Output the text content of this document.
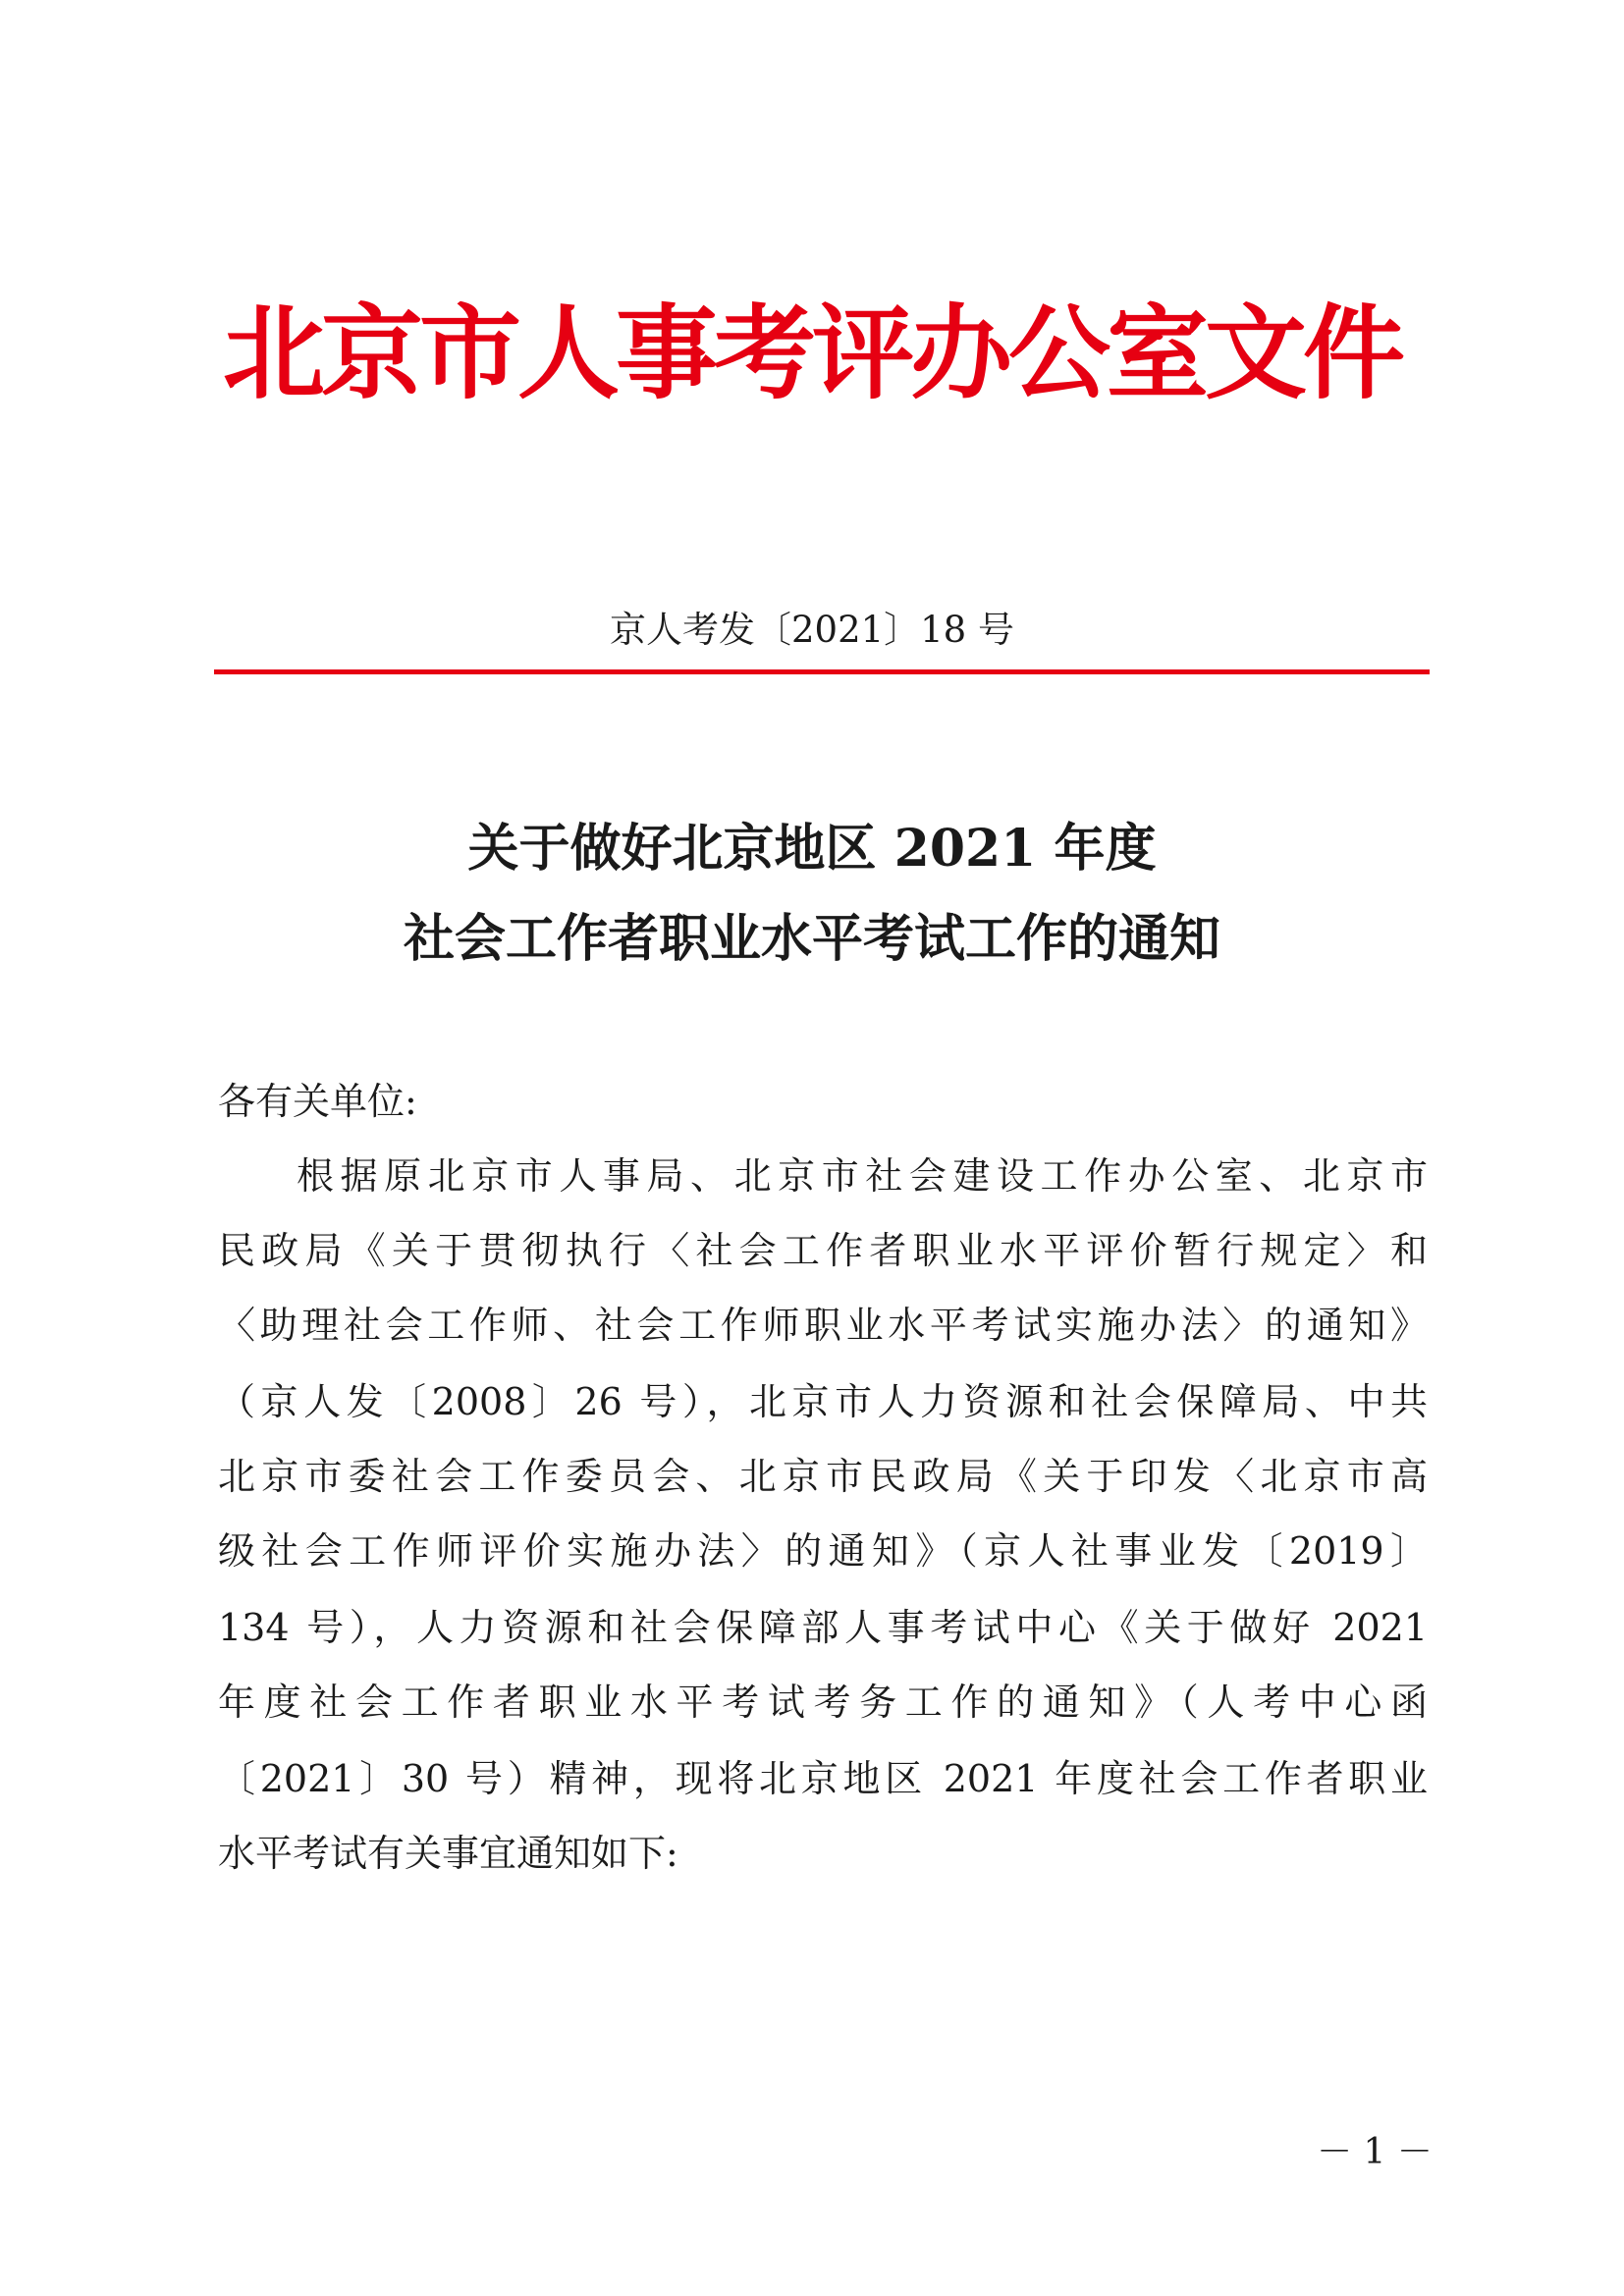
北京市人事考评办公室文件
京人考发〔2021〕18 号
关于做好北京地区 2021 年度
社会工作者职业水平考试工作的通知
各有关单位:
根据原北京市人事局、北京市社会建设工作办公室、北京市
民政局《关于贯彻执行〈社会工作者职业水平评价暂行规定〉和
〈助理社会工作师、社会工作师职业水平考试实施办法〉的通知》
（京人发〔2008〕26 号），北京市人力资源和社会保障局、中共
北京市委社会工作委员会、北京市民政局《关于印发〈北京市高
级社会工作师评价实施办法〉的通知》（京人社事业发〔2019〕
134 号），人力资源和社会保障部人事考试中心《关于做好 2021
年度社会工作者职业水平考试考务工作的通知》（人考中心函
〔2021〕30 号）精神，现将北京地区 2021 年度社会工作者职业
水平考试有关事宜通知如下:
－ 1 －
